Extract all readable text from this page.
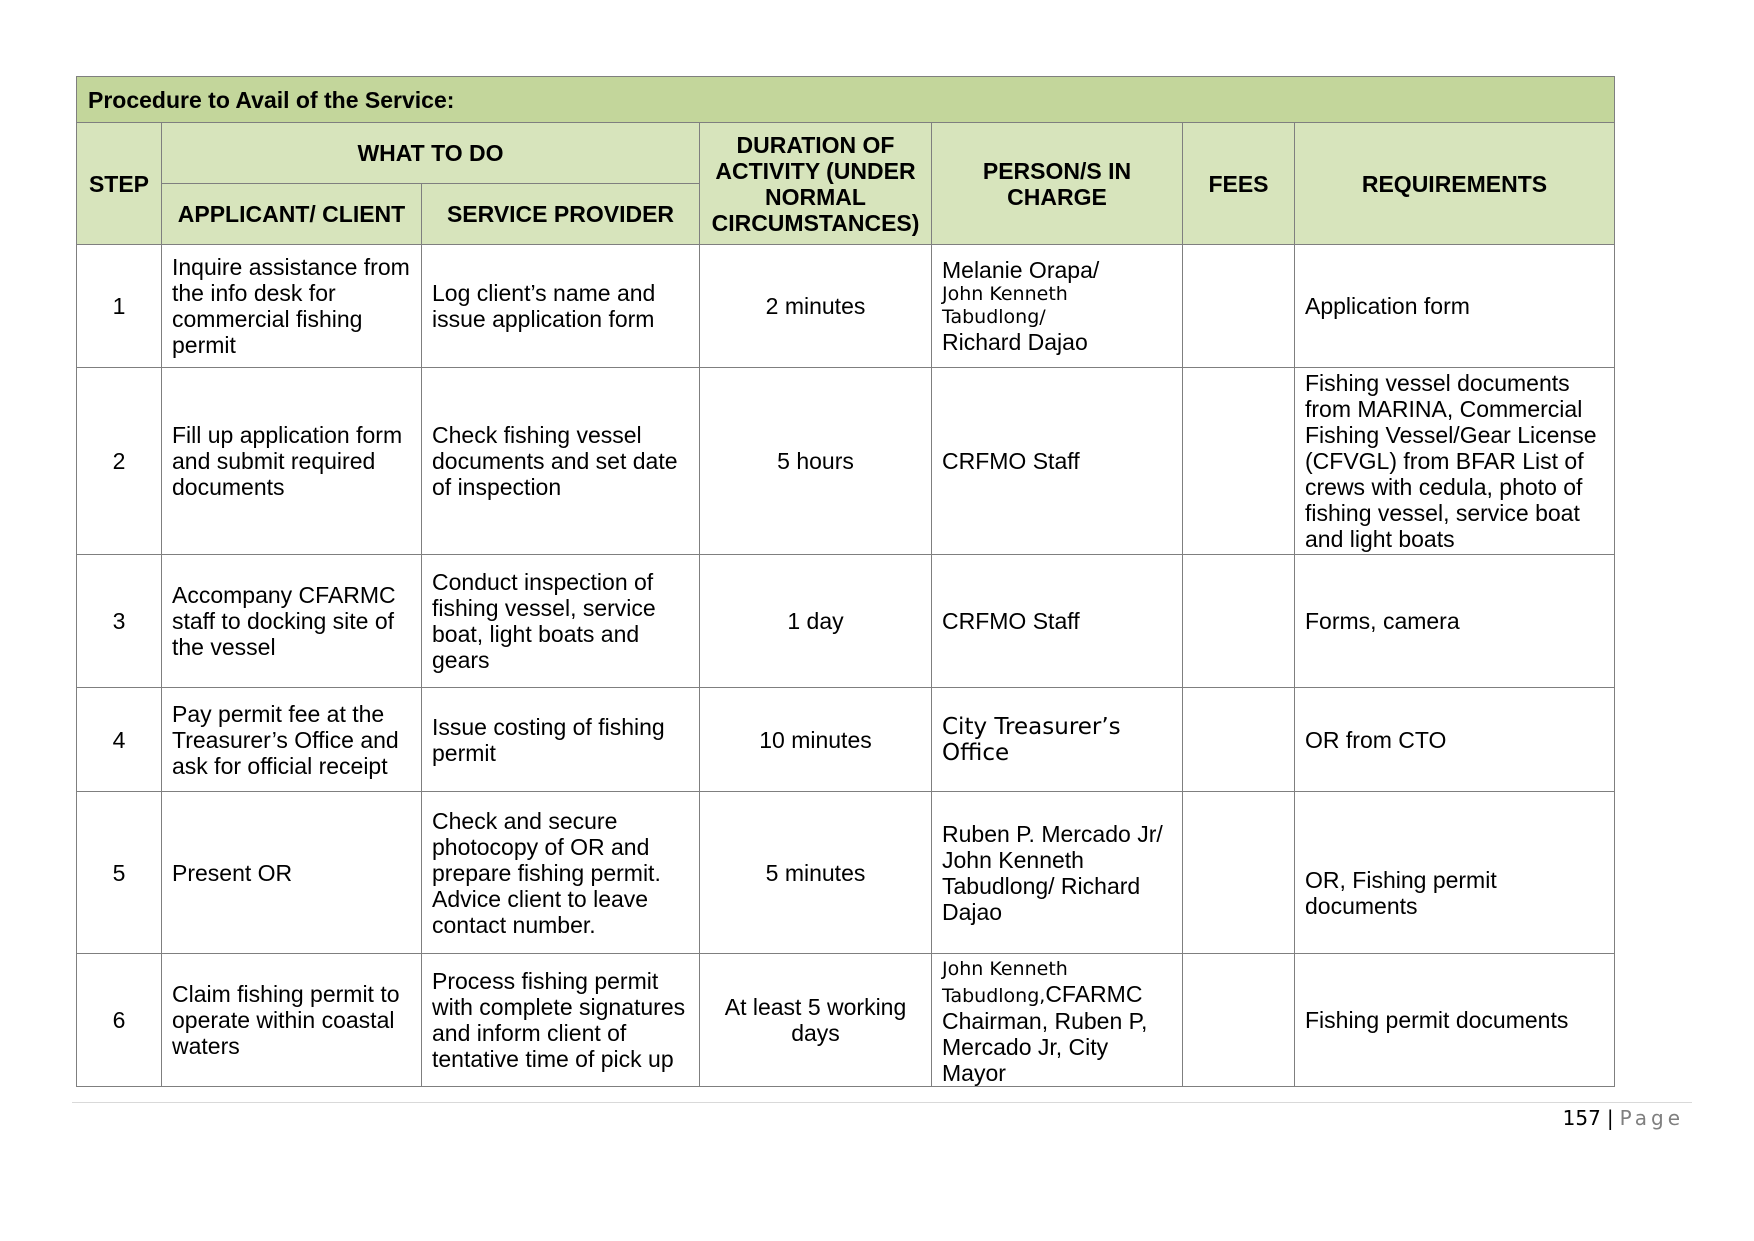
Procedure to Avail of the Service:						
STEP	WHAT TO DO		DURATION OF ACTIVITY (UNDER NORMAL CIRCUMSTANCES)	PERSON/S IN CHARGE	FEES	REQUIREMENTS
	APPLICANT/ CLIENT	SERVICE PROVIDER				
1	Inquire assistance from the info desk for commercial fishing permit	Log client’s name and issue application form	2 minutes	Melanie Orapa/
John Kenneth Tabudlong/
Richard Dajao		Application form
2	Fill up application form and submit required documents	Check fishing vessel documents and set date of inspection	5 hours	CRFMO Staff		Fishing vessel documents from MARINA, Commercial Fishing Vessel/Gear License (CFVGL) from BFAR List of crews with cedula, photo of fishing vessel, service boat and light boats
3	Accompany CFARMC staff to docking site of the vessel	Conduct inspection of fishing vessel, service boat, light boats and gears	1 day	CRFMO Staff		Forms, camera
4	Pay permit fee at the Treasurer’s Office and ask for official receipt	Issue costing of fishing permit	10 minutes	City Treasurer’s Office		OR from CTO
5	Present OR	Check and secure photocopy of OR and prepare fishing permit. Advice client to leave contact number.	5 minutes	Ruben P. Mercado Jr/ John Kenneth Tabudlong/ Richard Dajao		OR, Fishing permit documents
6	Claim fishing permit to operate within coastal waters	Process fishing permit with complete signatures and inform client of tentative time of pick up	At least 5 working days	John Kenneth Tabudlong,CFARMC Chairman, Ruben P, Mercado Jr, City Mayor		Fishing permit documents
157 | Page
